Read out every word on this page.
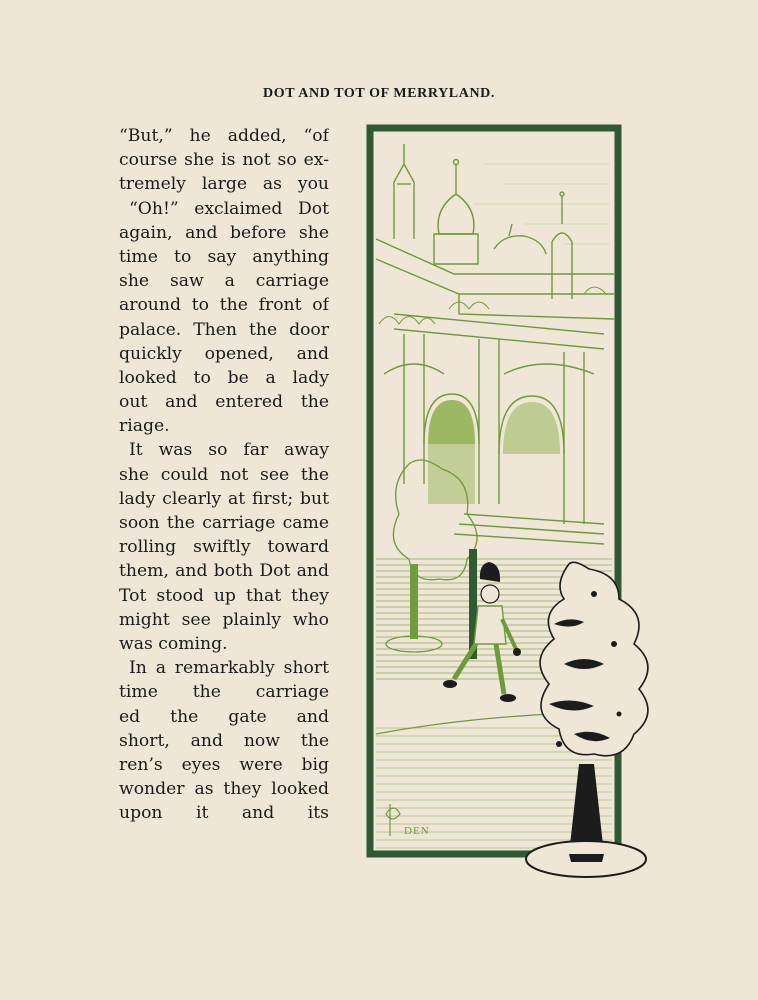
DOT AND TOT OF MERRYLAND.
“But,” he added, “of
course she is not so ex-
tremely large as you
“Oh!” exclaimed Dot
again, and before she
time to say anything
she saw a carriage
around to the front of
palace. Then the door
quickly opened, and
looked to be a lady
out and entered the
riage.
It was so far away
she could not see the
lady clearly at first; but
soon the carriage came
rolling swiftly toward
them, and both Dot and
Tot stood up that they
might see plainly who
was coming.
In a remarkably short
time the carriage
ed the gate and
short, and now the
ren’s eyes were big
wonder as they looked
upon it and its
DEN
